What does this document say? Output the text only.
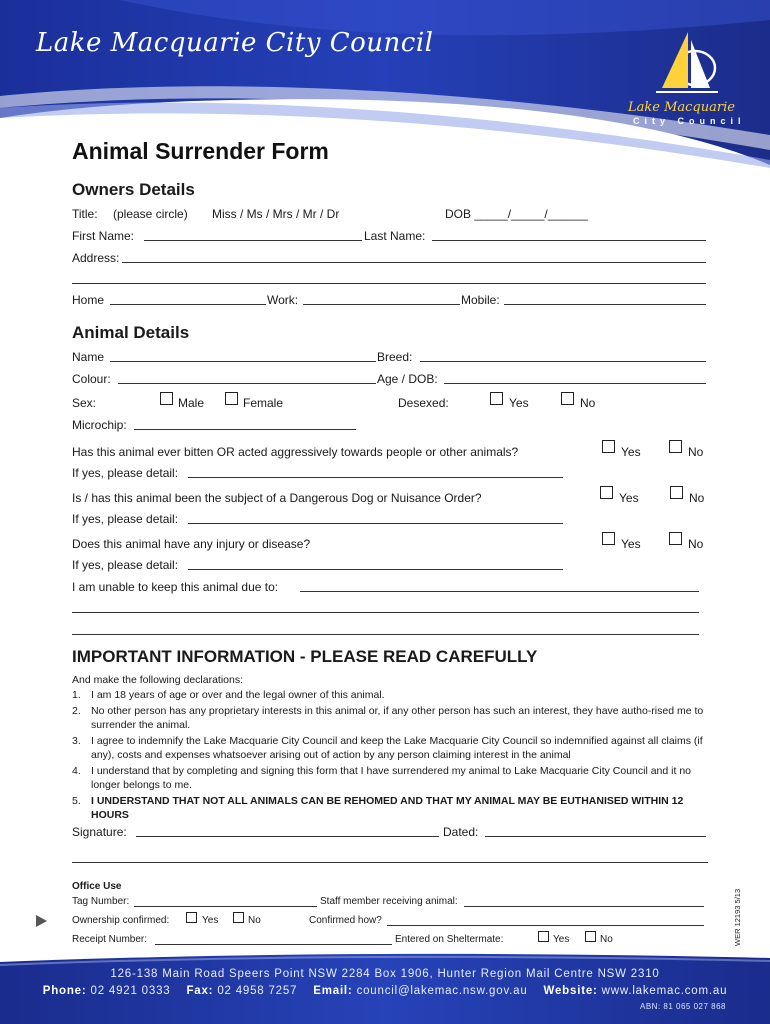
Lake Macquarie City Council
Lake Macquarie
City Council
Animal Surrender Form
Owners Details
Title: (please circle) Miss / Ms / Mrs / Mr / Dr	DOB _____/_____/______
First Name:	Last Name:
Address:
Home	Work:	Mobile:
Animal Details
Name	Breed:
Colour:	Age / DOB:
Sex:	Male	Female	Desexed:	Yes	No
Microchip:
Has this animal ever bitten OR acted aggressively towards people or other animals?	Yes	No
If yes, please detail:
Is / has this animal been the subject of a Dangerous Dog or Nuisance Order?	Yes	No
If yes, please detail:
Does this animal have any injury or disease?	Yes	No
If yes, please detail:
I am unable to keep this animal due to:
IMPORTANT INFORMATION - PLEASE READ CAREFULLY
And make the following declarations:
1. I am 18 years of age or over and the legal owner of this animal.
2. No other person has any proprietary interests in this animal or, if any other person has such an interest, they have autho-rised me to surrender the animal.
3. I agree to indemnify the Lake Macquarie City Council and keep the Lake Macquarie City Council so indemnified against all claims (if any), costs and expenses whatsoever arising out of action by any person claiming interest in the animal
4. I understand that by completing and signing this form that I have surrendered my animal to Lake Macquarie City Council and it no longer belongs to me.
5. I UNDERSTAND THAT NOT ALL ANIMALS CAN BE REHOMED AND THAT MY ANIMAL MAY BE EUTHANISED WITHIN 12 HOURS
Signature:	Dated:
Office Use
Tag Number:	Staff member receiving animal:
Ownership confirmed:	Yes	No	Confirmed how?
Receipt Number:	Entered on Sheltermate:	Yes	No	WER 12193 5/13
126-138 Main Road Speers Point NSW 2284 Box 1906, Hunter Region Mail Centre NSW 2310
Phone: 02 4921 0333 Fax: 02 4958 7257 Email: council@lakemac.nsw.gov.au Website: www.lakemac.com.au
ABN: 81 065 027 868
